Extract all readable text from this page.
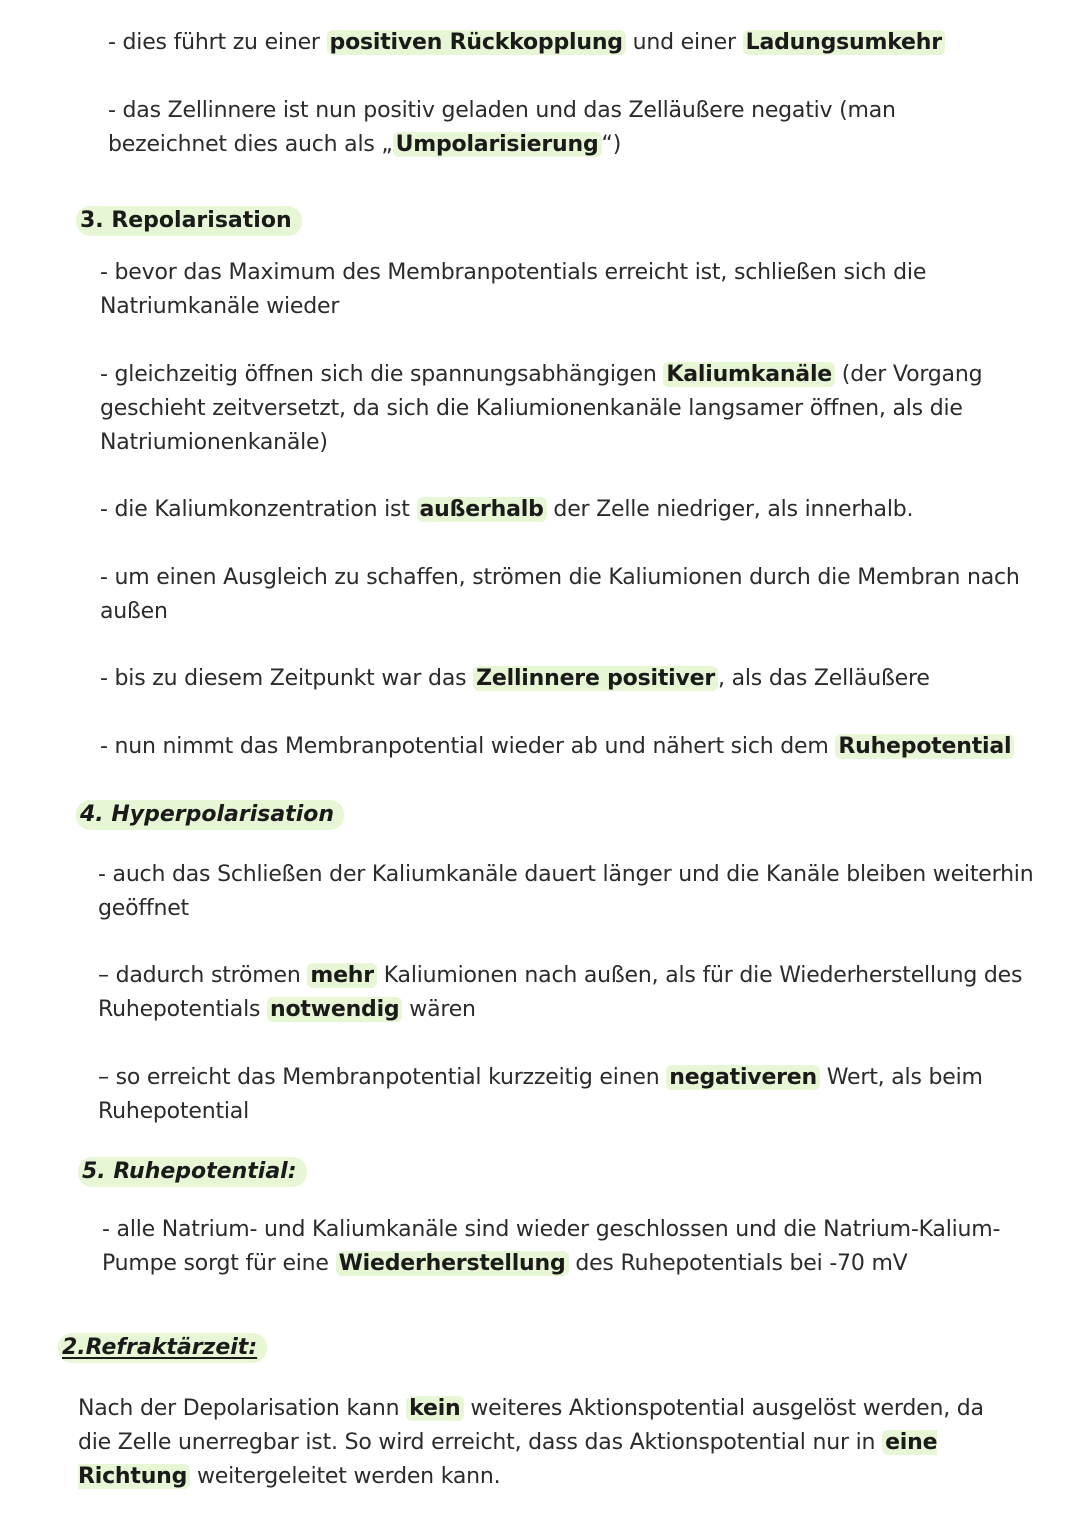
- dies führt zu einer positiven Rückkopplung und einer Ladungsumkehr
- das Zellinnere ist nun positiv geladen und das Zelläußere negativ (man bezeichnet dies auch als „ Umpolarisierung “)
3. Repolarisation
- bevor das Maximum des Membranpotentials erreicht ist, schließen sich die Natriumkanäle wieder
- gleichzeitig öffnen sich die spannungsabhängigen Kaliumkanäle (der Vorgang geschieht zeitversetzt, da sich die Kaliumionenkanäle langsamer öffnen, als die Natriumionenkanäle)
- die Kaliumkonzentration ist außerhalb der Zelle niedriger, als innerhalb.
- um einen Ausgleich zu schaffen, strömen die Kaliumionen durch die Membran nach außen
- bis zu diesem Zeitpunkt war das Zellinnere positiver , als das Zelläußere
- nun nimmt das Membranpotential wieder ab und nähert sich dem Ruhepotential
4. Hyperpolarisation
- auch das Schließen der Kaliumkanäle dauert länger und die Kanäle bleiben weiterhin geöffnet
– dadurch strömen mehr Kaliumionen nach außen, als für die Wiederherstellung des Ruhepotentials notwendig wären
– so erreicht das Membranpotential kurzzeitig einen negativeren Wert, als beim Ruhepotential
5. Ruhepotential:
- alle Natrium- und Kaliumkanäle sind wieder geschlossen und die Natrium-Kalium-Pumpe sorgt für eine Wiederherstellung des Ruhepotentials bei -70 mV
2.Refraktärzeit:
Nach der Depolarisation kann kein weiteres Aktionspotential ausgelöst werden, da die Zelle unerregbar ist. So wird erreicht, dass das Aktionspotential nur in eine Richtung weitergeleitet werden kann.
